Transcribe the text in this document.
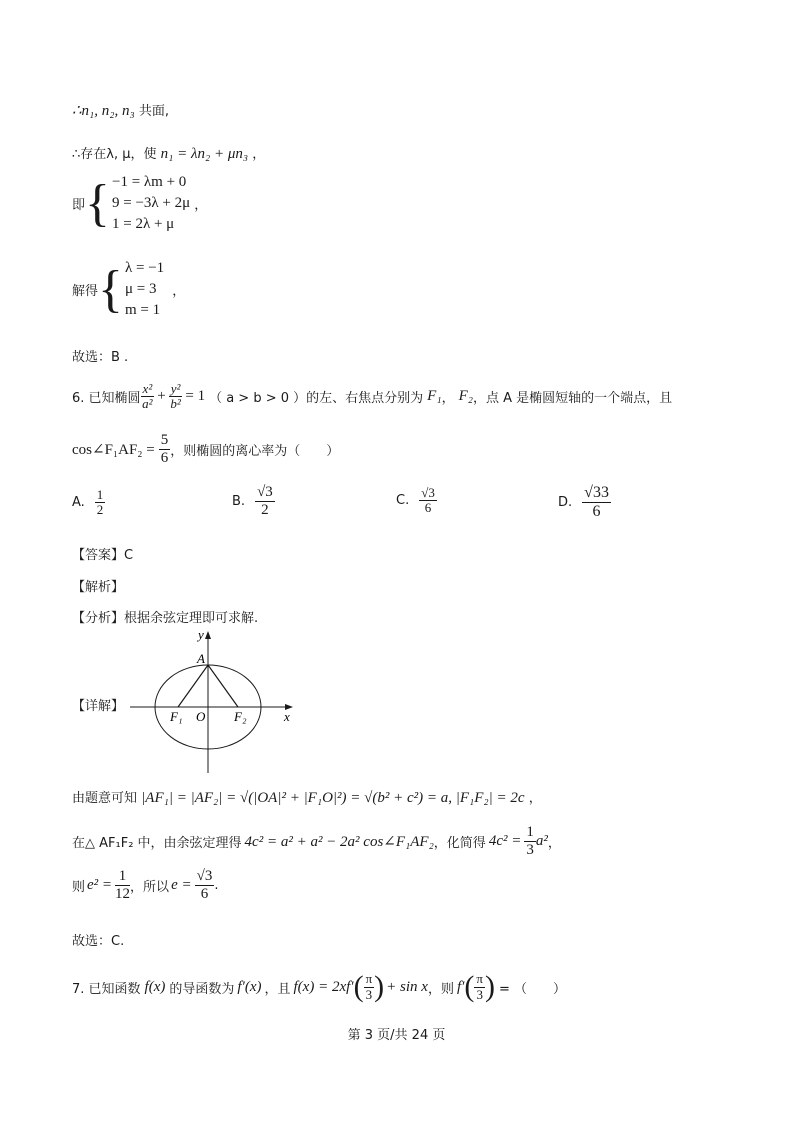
∴n₁, n₂, n₃ 共面,
∴存在λ, μ，使 n₁ = λn₂ + μn₃ ，
即 { −1 = λm + 0
9 = −3λ + 2μ
1 = 2λ + μ
，
解得 { λ = −1
μ = 3
m = 1
，
故选：B .
6. 已知椭圆 $\frac{\text{x²}}{\text{a²}} + \frac{\text{y²}}{\text{b²}} = 1$ （ a > b > 0 ） 的左、右焦点分别为 F₁ ， F₂ ，点 A 是椭圆短轴的一个端点，且
cos∠F₁AF₂ = $\frac{5}{6}$ ，则椭圆的离心率为（　　）
A. $\frac{1}{2}$	B. $\frac{√3}{2}$	C. $\frac{√3}{6}$	D. $\frac{√33}{6}$
【答案】C
【解析】
【分析】根据余弦定理即可求解.
【详解】
y
A
F₁ O F₂	x
由题意可知 |AF₁| = |AF₂| = √(|OA|² + |F₁O|²) = √(b² + c²) = a, |F₁F₂| = 2c ，
在△ AF₁F₂ 中，由余弦定理得 4c² = a² + a² − 2a² cos∠F₁AF₂ ，化简得 $4c^2 = \frac{1}{3} a^2$ ，
则 $e^2 = \frac{1}{12}$ ，所以 $e = \frac{√3}{6}$ .
故选：C.
7. 已知函数 f(x) 的导函数为 f′(x) ，且 f(x) = 2xf′ ( $\frac{\pi}{3}$ ) + sin x ，则 f′ ( $\frac{\pi}{3}$ ) = （　　）
第 3 页/共 24 页
